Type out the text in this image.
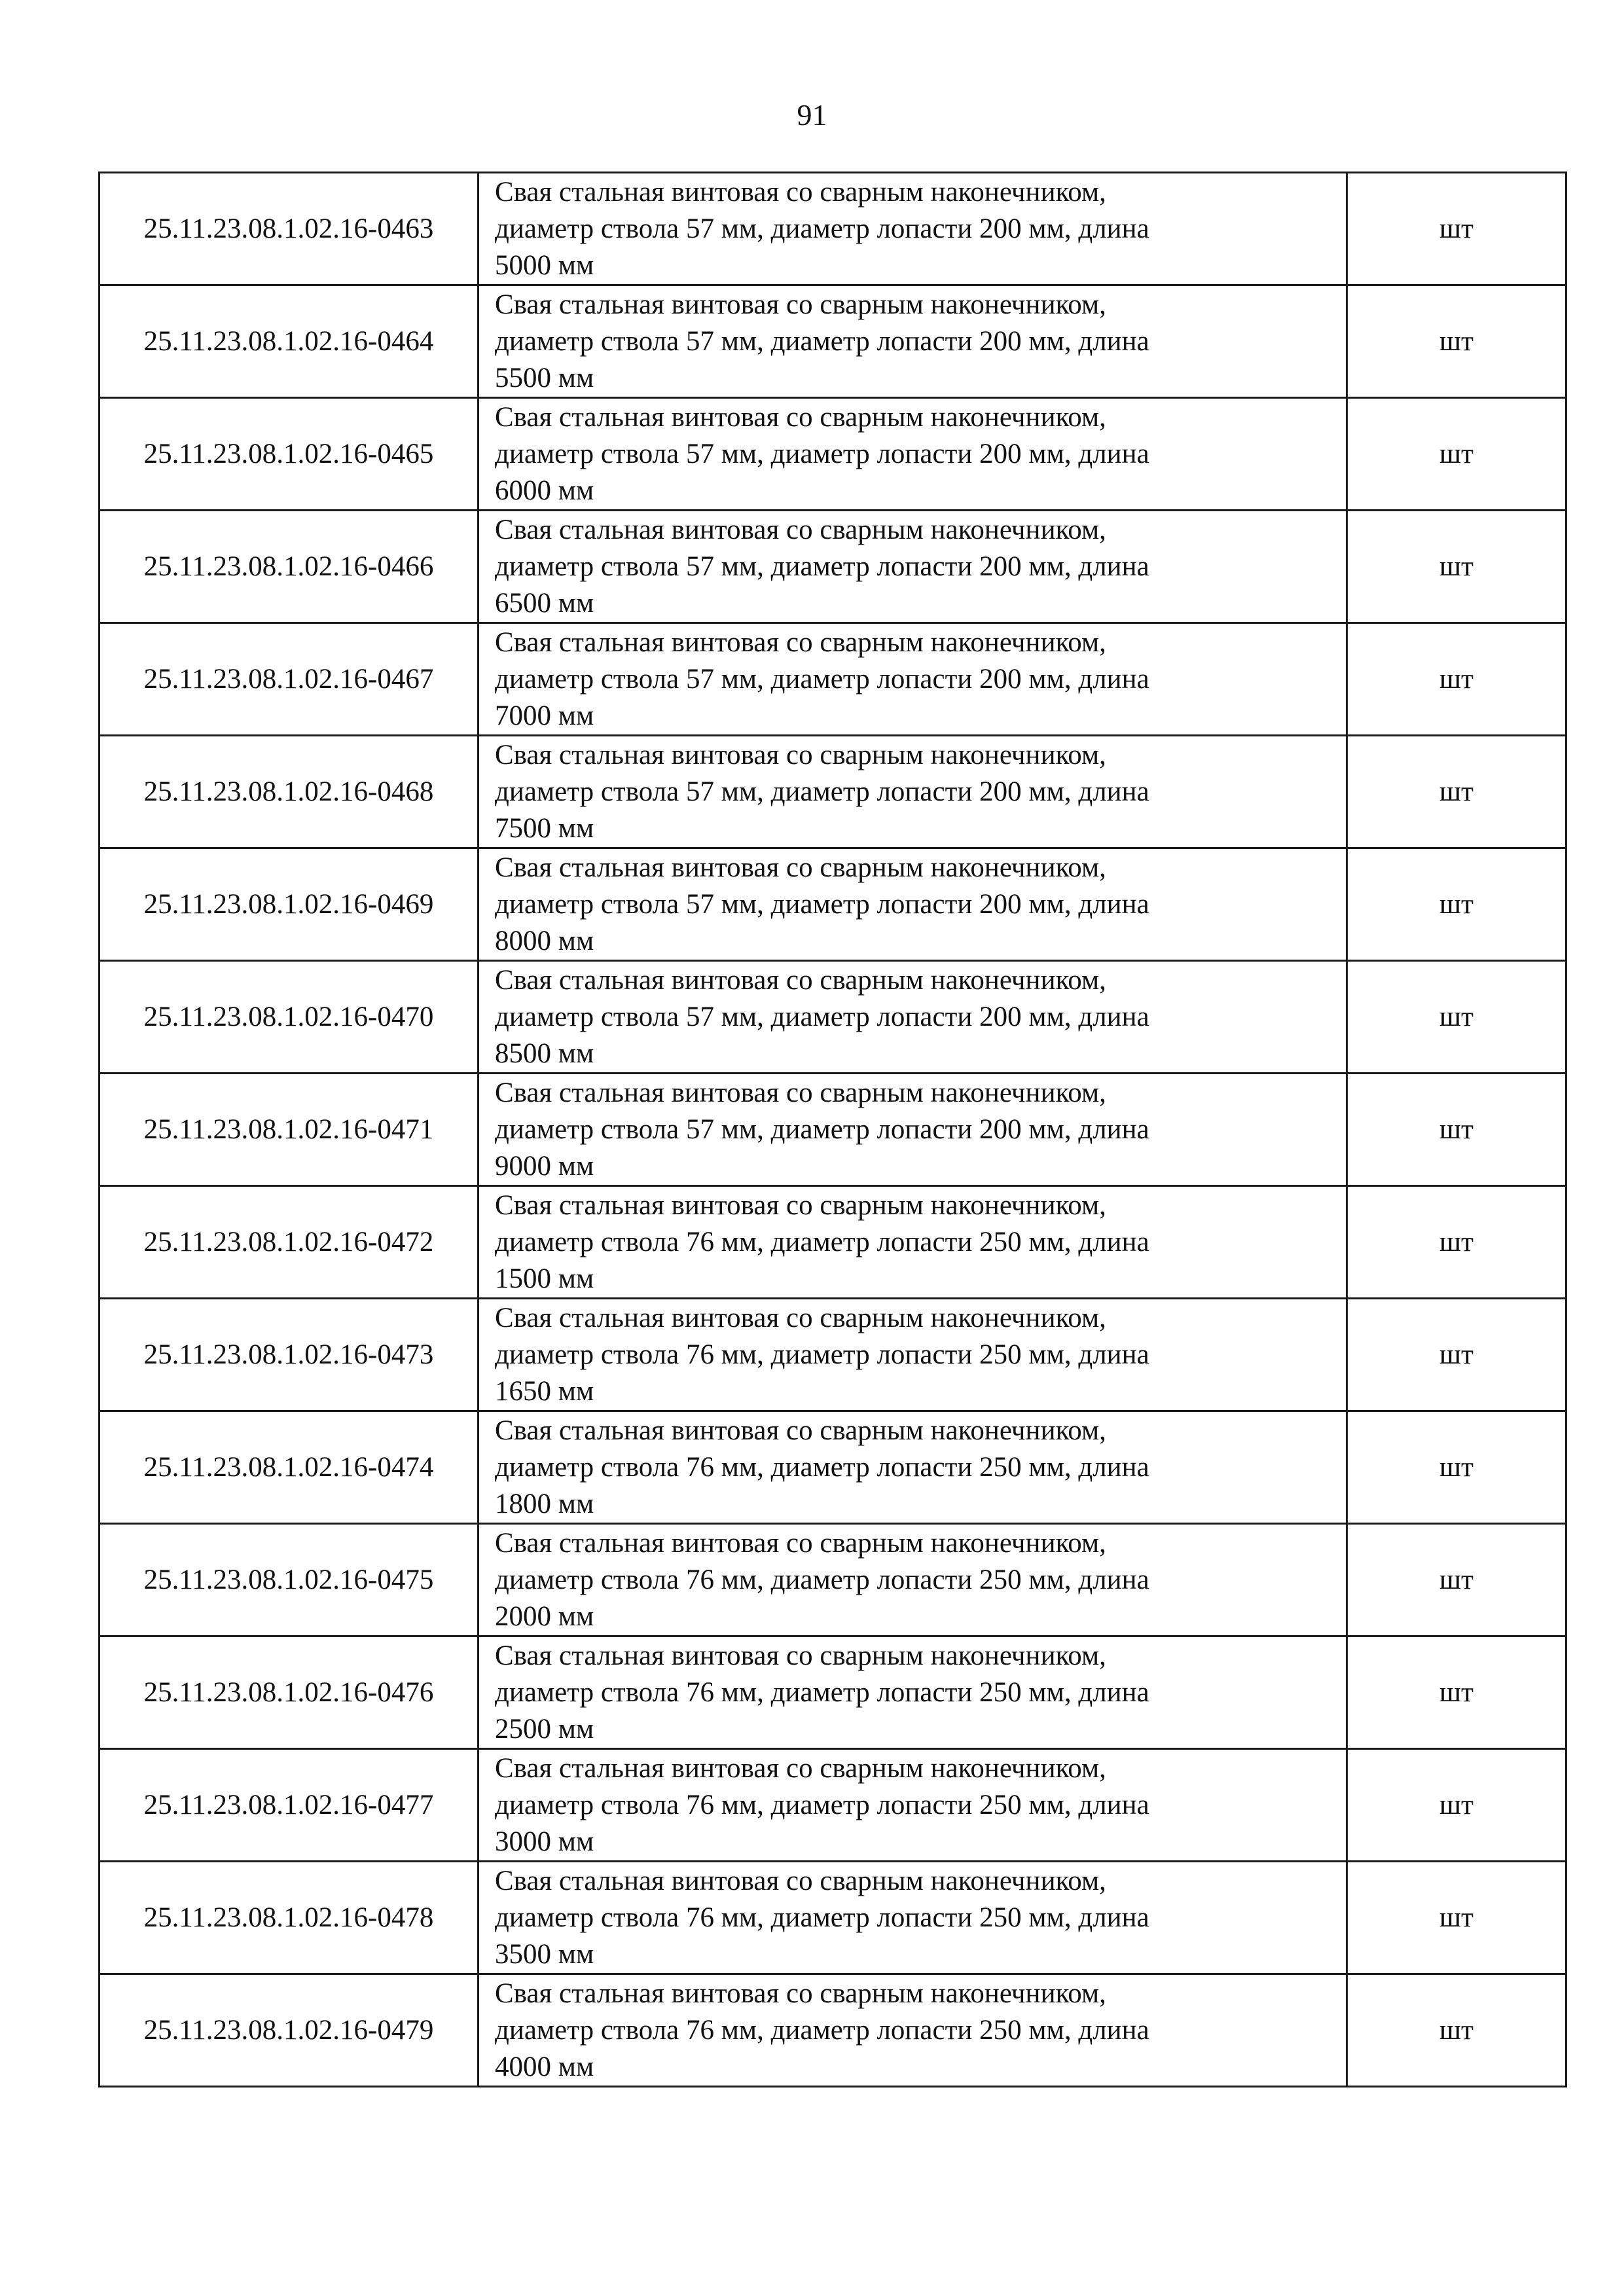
91
25.11.23.08.1.02.16-0463	Свая стальная винтовая со сварным наконечником,
диаметр ствола 57 мм, диаметр лопасти 200 мм, длина
5000 мм	шт
25.11.23.08.1.02.16-0464	Свая стальная винтовая со сварным наконечником,
диаметр ствола 57 мм, диаметр лопасти 200 мм, длина
5500 мм	шт
25.11.23.08.1.02.16-0465	Свая стальная винтовая со сварным наконечником,
диаметр ствола 57 мм, диаметр лопасти 200 мм, длина
6000 мм	шт
25.11.23.08.1.02.16-0466	Свая стальная винтовая со сварным наконечником,
диаметр ствола 57 мм, диаметр лопасти 200 мм, длина
6500 мм	шт
25.11.23.08.1.02.16-0467	Свая стальная винтовая со сварным наконечником,
диаметр ствола 57 мм, диаметр лопасти 200 мм, длина
7000 мм	шт
25.11.23.08.1.02.16-0468	Свая стальная винтовая со сварным наконечником,
диаметр ствола 57 мм, диаметр лопасти 200 мм, длина
7500 мм	шт
25.11.23.08.1.02.16-0469	Свая стальная винтовая со сварным наконечником,
диаметр ствола 57 мм, диаметр лопасти 200 мм, длина
8000 мм	шт
25.11.23.08.1.02.16-0470	Свая стальная винтовая со сварным наконечником,
диаметр ствола 57 мм, диаметр лопасти 200 мм, длина
8500 мм	шт
25.11.23.08.1.02.16-0471	Свая стальная винтовая со сварным наконечником,
диаметр ствола 57 мм, диаметр лопасти 200 мм, длина
9000 мм	шт
25.11.23.08.1.02.16-0472	Свая стальная винтовая со сварным наконечником,
диаметр ствола 76 мм, диаметр лопасти 250 мм, длина
1500 мм	шт
25.11.23.08.1.02.16-0473	Свая стальная винтовая со сварным наконечником,
диаметр ствола 76 мм, диаметр лопасти 250 мм, длина
1650 мм	шт
25.11.23.08.1.02.16-0474	Свая стальная винтовая со сварным наконечником,
диаметр ствола 76 мм, диаметр лопасти 250 мм, длина
1800 мм	шт
25.11.23.08.1.02.16-0475	Свая стальная винтовая со сварным наконечником,
диаметр ствола 76 мм, диаметр лопасти 250 мм, длина
2000 мм	шт
25.11.23.08.1.02.16-0476	Свая стальная винтовая со сварным наконечником,
диаметр ствола 76 мм, диаметр лопасти 250 мм, длина
2500 мм	шт
25.11.23.08.1.02.16-0477	Свая стальная винтовая со сварным наконечником,
диаметр ствола 76 мм, диаметр лопасти 250 мм, длина
3000 мм	шт
25.11.23.08.1.02.16-0478	Свая стальная винтовая со сварным наконечником,
диаметр ствола 76 мм, диаметр лопасти 250 мм, длина
3500 мм	шт
25.11.23.08.1.02.16-0479	Свая стальная винтовая со сварным наконечником,
диаметр ствола 76 мм, диаметр лопасти 250 мм, длина
4000 мм	шт
